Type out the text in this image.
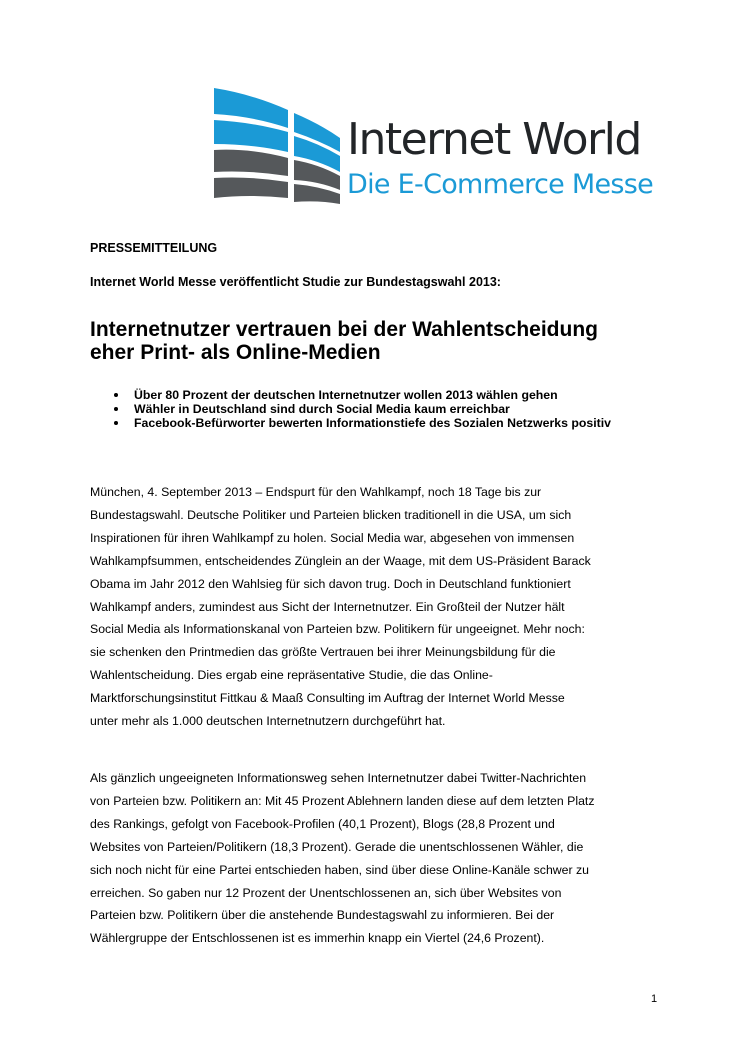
Internet World

Die E-Commerce Messe

PRESSEMITTEILUNG

Internet World Messe veröffentlicht Studie zur Bundestagswahl 2013:

Internetnutzer vertrauen bei der Wahlentscheidung
eher Print- als Online-Medien
Über 80 Prozent der deutschen Internetnutzer wollen 2013 wählen gehen
Wähler in Deutschland sind durch Social Media kaum erreichbar
Facebook-Befürworter bewerten Informationstiefe des Sozialen Netzwerks positiv
München, 4. September 2013 – Endspurt für den Wahlkampf, noch 18 Tage bis zur
Bundestagswahl. Deutsche Politiker und Parteien blicken traditionell in die USA, um sich
Inspirationen für ihren Wahlkampf zu holen. Social Media war, abgesehen von immensen
Wahlkampfsummen, entscheidendes Zünglein an der Waage, mit dem US-Präsident Barack
Obama im Jahr 2012 den Wahlsieg für sich davon trug. Doch in Deutschland funktioniert
Wahlkampf anders, zumindest aus Sicht der Internetnutzer. Ein Großteil der Nutzer hält
Social Media als Informationskanal von Parteien bzw. Politikern für ungeeignet. Mehr noch:
sie schenken den Printmedien das größte Vertrauen bei ihrer Meinungsbildung für die
Wahlentscheidung. Dies ergab eine repräsentative Studie, die das Online-
Marktforschungsinstitut Fittkau & Maaß Consulting im Auftrag der Internet World Messe
unter mehr als 1.000 deutschen Internetnutzern durchgeführt hat.
Als gänzlich ungeeigneten Informationsweg sehen Internetnutzer dabei Twitter-Nachrichten
von Parteien bzw. Politikern an: Mit 45 Prozent Ablehnern landen diese auf dem letzten Platz
des Rankings, gefolgt von Facebook-Profilen (40,1 Prozent), Blogs (28,8 Prozent und
Websites von Parteien/Politikern (18,3 Prozent). Gerade die unentschlossenen Wähler, die
sich noch nicht für eine Partei entschieden haben, sind über diese Online-Kanäle schwer zu
erreichen. So gaben nur 12 Prozent der Unentschlossenen an, sich über Websites von
Parteien bzw. Politikern über die anstehende Bundestagswahl zu informieren. Bei der
Wählergruppe der Entschlossenen ist es immerhin knapp ein Viertel (24,6 Prozent).

1
